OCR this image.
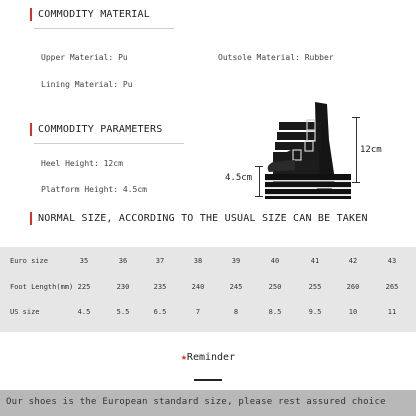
COMMODITY MATERIAL
Upper Material: Pu	Outsole Material: Rubber
Lining Material: Pu
COMMODITY PARAMETERS
Heel Height: 12cm
Platform Height: 4.5cm
12cm
4.5cm
NORMAL SIZE, ACCORDING TO THE USUAL SIZE CAN BE TAKEN
Euro size	35	36	37	38	39	40	41	42	43
Foot Length(mm) 225	230	235	240	245	250	255	260	265
US size	4.5	5.5	6.5	7	8	8.5	9.5	10	11
★Reminder
Our shoes is the European standard size, please rest assured choice
